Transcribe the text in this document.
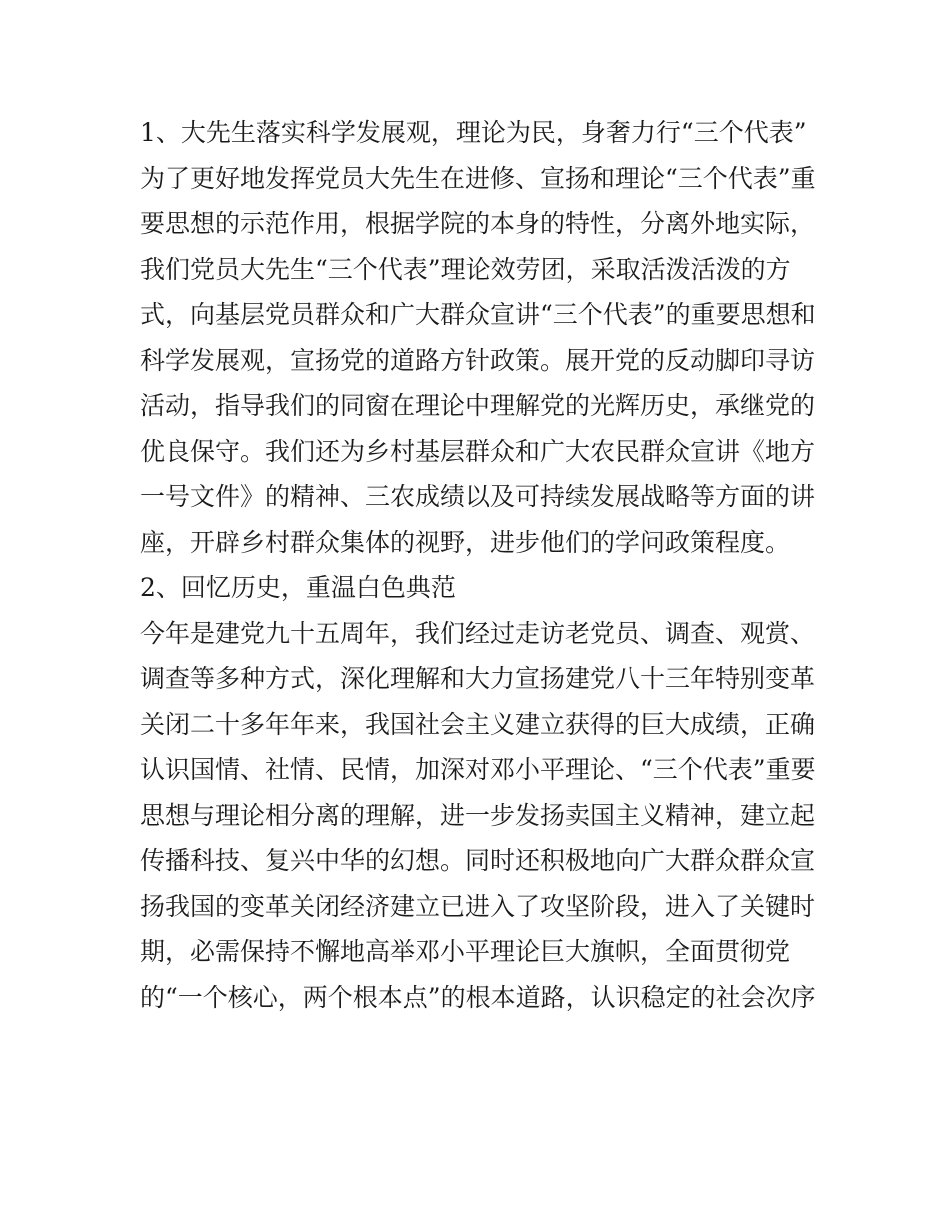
1、大先生落实科学发展观，理论为民，身奢力行“三个代表”
为了更好地发挥党员大先生在进修、宣扬和理论“三个代表”重
要思想的示范作用，根据学院的本身的特性，分离外地实际，
我们党员大先生“三个代表”理论效劳团，采取活泼活泼的方
式，向基层党员群众和广大群众宣讲“三个代表”的重要思想和
科学发展观，宣扬党的道路方针政策。展开党的反动脚印寻访
活动，指导我们的同窗在理论中理解党的光辉历史，承继党的
优良保守。我们还为乡村基层群众和广大农民群众宣讲《地方
一号文件》的精神、三农成绩以及可持续发展战略等方面的讲
座，开辟乡村群众集体的视野，进步他们的学问政策程度。
2、回忆历史，重温白色典范
今年是建党九十五周年，我们经过走访老党员、调查、观赏、
调查等多种方式，深化理解和大力宣扬建党八十三年特别变革
关闭二十多年年来，我国社会主义建立获得的巨大成绩，正确
认识国情、社情、民情，加深对邓小平理论、“三个代表”重要
思想与理论相分离的理解，进一步发扬卖国主义精神，建立起
传播科技、复兴中华的幻想。同时还积极地向广大群众群众宣
扬我国的变革关闭经济建立已进入了攻坚阶段，进入了关键时
期，必需保持不懈地高举邓小平理论巨大旗帜，全面贯彻党
的“一个核心，两个根本点”的根本道路，认识稳定的社会次序
